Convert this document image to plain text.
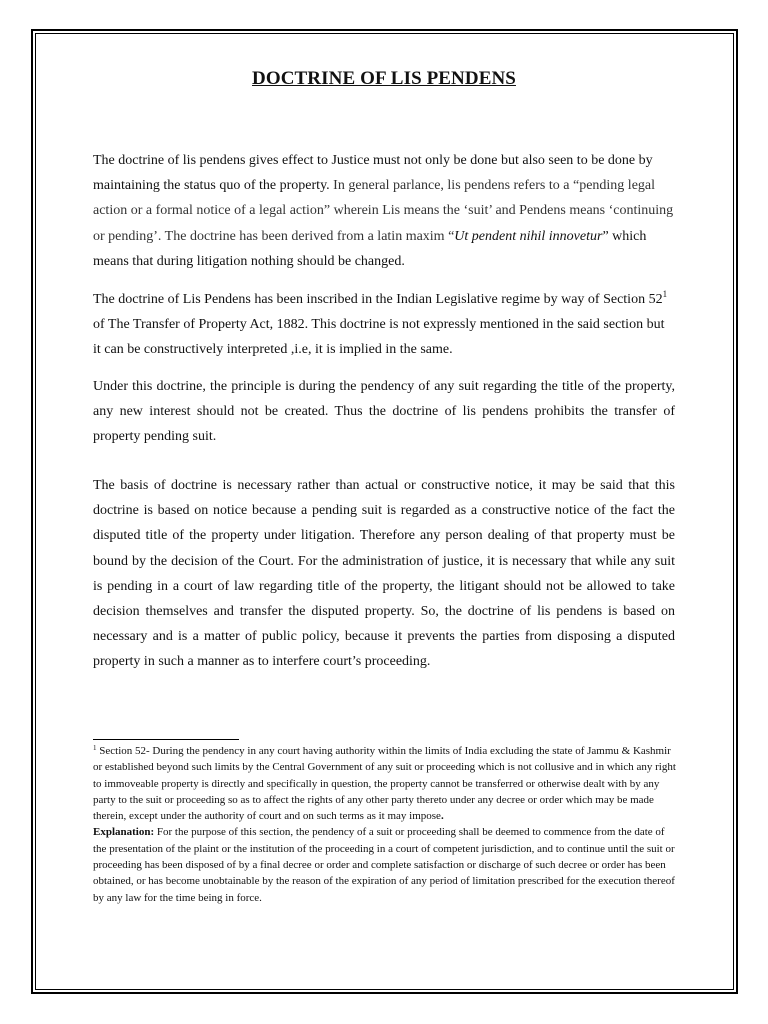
DOCTRINE OF LIS PENDENS

The doctrine of lis pendens gives effect to Justice must not only be done but also seen to be done by maintaining the status quo of the property. In general parlance, lis pendens refers to a “pending legal action or a formal notice of a legal action” wherein Lis means the ‘suit’ and Pendens means ‘continuing or pending’. The doctrine has been derived from a latin maxim “Ut pendent nihil innovetur” which means that during litigation nothing should be changed.

The doctrine of Lis Pendens has been inscribed in the Indian Legislative regime by way of Section $52^1$ of The Transfer of Property Act, 1882. This doctrine is not expressly mentioned in the said section but it can be constructively interpreted ,i.e, it is implied in the same.

Under this doctrine, the principle is during the pendency of any suit regarding the title of the property, any new interest should not be created. Thus the doctrine of lis pendens prohibits the transfer of property pending suit.

The basis of doctrine is necessary rather than actual or constructive notice, it may be said that this doctrine is based on notice because a pending suit is regarded as a constructive notice of the fact the disputed title of the property under litigation. Therefore any person dealing of that property must be bound by the decision of the Court. For the administration of justice, it is necessary that while any suit is pending in a court of law regarding title of the property, the litigant should not be allowed to take decision themselves and transfer the disputed property. So, the doctrine of lis pendens is based on necessary and is a matter of public policy, because it prevents the parties from disposing a disputed property in such a manner as to interfere court’s proceeding.

$^1$ Section 52- During the pendency in any court having authority within the limits of India excluding the state of Jammu & Kashmir or established beyond such limits by the Central Government of any suit or proceeding which is not collusive and in which any right to immoveable property is directly and specifically in question, the property cannot be transferred or otherwise dealt with by any party to the suit or proceeding so as to affect the rights of any other party thereto under any decree or order which may be made therein, except under the authority of court and on such terms as it may impose.

Explanation: For the purpose of this section, the pendency of a suit or proceeding shall be deemed to commence from the date of the presentation of the plaint or the institution of the proceeding in a court of competent jurisdiction, and to continue until the suit or proceeding has been disposed of by a final decree or order and complete satisfaction or discharge of such decree or order has been obtained, or has become unobtainable by the reason of the expiration of any period of limitation prescribed for the execution thereof by any law for the time being in force.
